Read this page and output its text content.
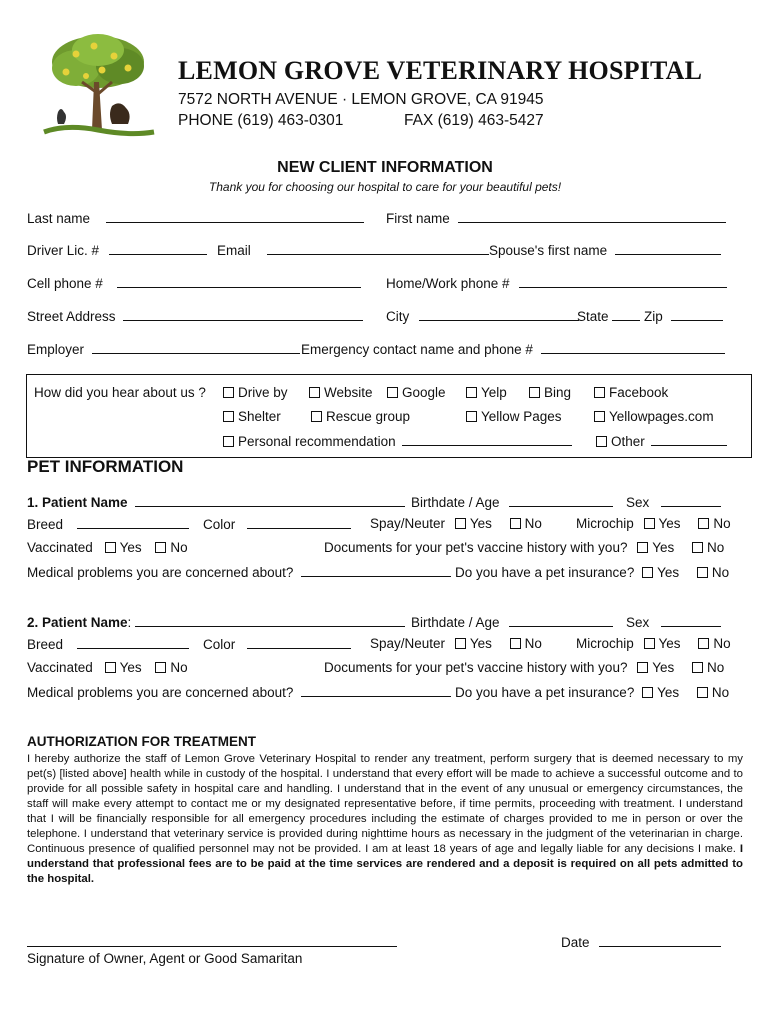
LEMON GROVE VETERINARY HOSPITAL
7572 NORTH AVENUE · LEMON GROVE, CA 91945
PHONE (619) 463-0301	FAX (619) 463-5427
NEW CLIENT INFORMATION
Thank you for choosing our hospital to care for your beautiful pets!
Last name	First name
Driver Lic. #	Email	Spouse's first name
Cell phone #	Home/Work phone #
Street Address	City	State	Zip
Employer	Emergency contact name and phone #
How did you hear about us ?	Drive by	Website	Google	Yelp	Bing	Facebook
Shelter	Rescue group	Yellow Pages	Yellowpages.com
Personal recommendation	Other
PET INFORMATION
1. Patient Name	Birthdate / Age	Sex
Breed	Color	Spay/Neuter Yes No	Microchip Yes No
Vaccinated Yes No	Documents for your pet's vaccine history with you? Yes No
Medical problems you are concerned about?	Do you have a pet insurance? Yes No
2. Patient Name:	Birthdate / Age	Sex
Breed	Color	Spay/Neuter Yes No	Microchip Yes No
Vaccinated Yes No	Documents for your pet's vaccine history with you? Yes No
Medical problems you are concerned about?	Do you have a pet insurance? Yes No
AUTHORIZATION FOR TREATMENT
I hereby authorize the staff of Lemon Grove Veterinary Hospital to render any treatment, perform surgery that is deemed necessary to my pet(s) [listed above] health while in custody of the hospital. I understand that every effort will be made to achieve a successful outcome and to provide for all possible safety in hospital care and handling. I understand that in the event of any unusual or emergency circumstances, the staff will make every attempt to contact me or my designated representative before, if time permits, proceeding with treatment. I understand that I will be financially responsible for all emergency procedures including the estimate of charges provided to me in person or over the telephone. I understand that veterinary service is provided during nighttime hours as necessary in the judgment of the veterinarian in charge. Continuous presence of qualified personnel may not be provided. I am at least 18 years of age and legally liable for any decisions I make. I understand that professional fees are to be paid at the time services are rendered and a deposit is required on all pets admitted to the hospital.
Signature of Owner, Agent or Good Samaritan
Date
